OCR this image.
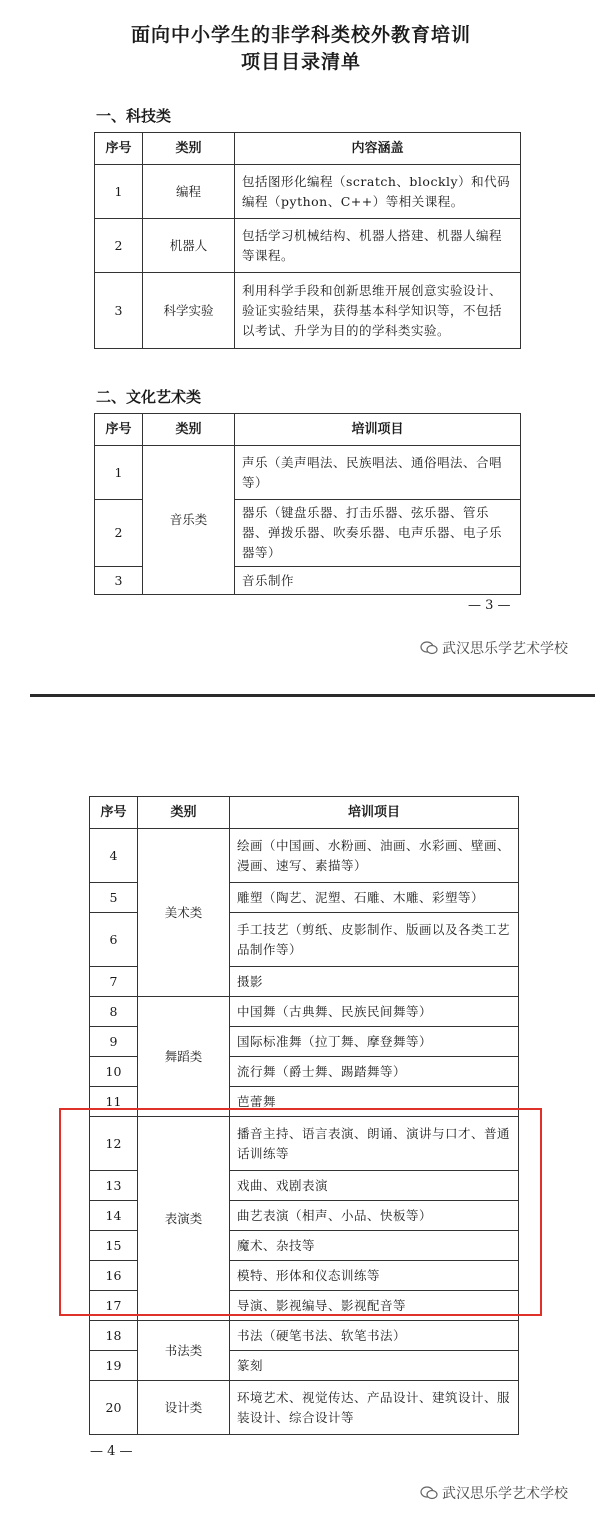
面向中小学生的非学科类校外教育培训
项目目录清单
一、科技类
序号	类别	内容涵盖
1	编程	包括图形化编程（scratch、blockly）和代码编程（python、C++）等相关课程。
2	机器人	包括学习机械结构、机器人搭建、机器人编程等课程。
3	科学实验	利用科学手段和创新思维开展创意实验设计、验证实验结果，获得基本科学知识等，不包括以考试、升学为目的的学科类实验。
二、文化艺术类
序号	类别	培训项目
1	音乐类	声乐（美声唱法、民族唱法、通俗唱法、合唱等）
2		器乐（键盘乐器、打击乐器、弦乐器、管乐器、弹拨乐器、吹奏乐器、电声乐器、电子乐器等）
3		音乐制作
— 3 —
武汉思乐学艺术学校
序号	类别	培训项目
4	美术类	绘画（中国画、水粉画、油画、水彩画、壁画、漫画、速写、素描等）
5		雕塑（陶艺、泥塑、石雕、木雕、彩塑等）
6		手工技艺（剪纸、皮影制作、版画以及各类工艺品制作等）
7		摄影
8	舞蹈类	中国舞（古典舞、民族民间舞等）
9		国际标准舞（拉丁舞、摩登舞等）
10		流行舞（爵士舞、踢踏舞等）
11		芭蕾舞
12	表演类	播音主持、语言表演、朗诵、演讲与口才、普通话训练等
13		戏曲、戏剧表演
14		曲艺表演（相声、小品、快板等）
15		魔术、杂技等
16		模特、形体和仪态训练等
17		导演、影视编导、影视配音等
18	书法类	书法（硬笔书法、软笔书法）
19		篆刻
20	设计类	环境艺术、视觉传达、产品设计、建筑设计、服装设计、综合设计等
— 4 —
武汉思乐学艺术学校
